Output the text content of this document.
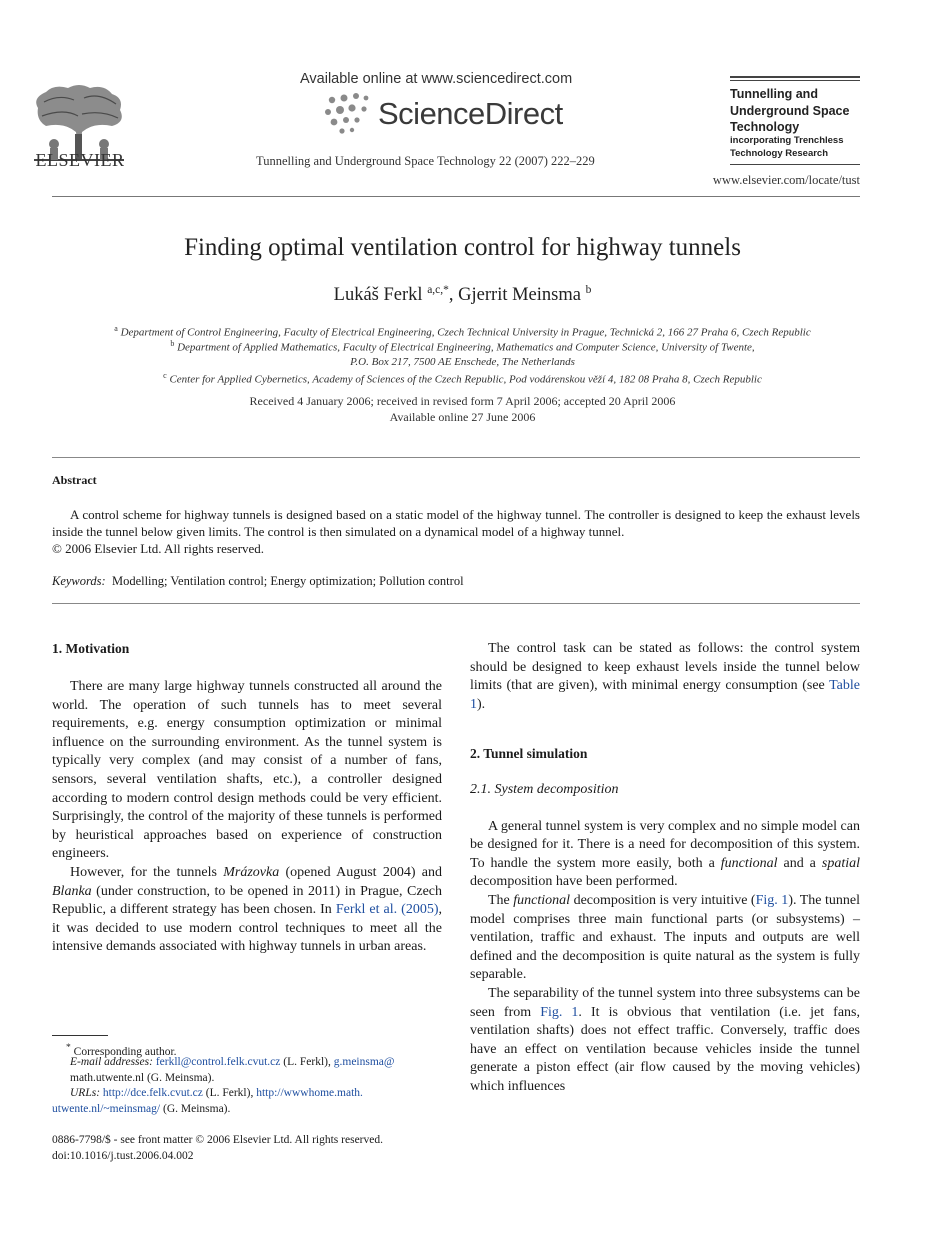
ELSEVIER
Available online at www.sciencedirect.com
ScienceDirect
Tunnelling and Underground Space Technology 22 (2007) 222–229
Tunnelling and Underground Space Technology
incorporating Trenchless Technology Research
www.elsevier.com/locate/tust
Finding optimal ventilation control for highway tunnels
Lukáš Ferkl $^{a,c,*}$, Gjerrit Meinsma $^b$
$^a$ Department of Control Engineering, Faculty of Electrical Engineering, Czech Technical University in Prague, Technická 2, 166 27 Praha 6, Czech Republic
$^b$ Department of Applied Mathematics, Faculty of Electrical Engineering, Mathematics and Computer Science, University of Twente,
P.O. Box 217, 7500 AE Enschede, The Netherlands
$^c$ Center for Applied Cybernetics, Academy of Sciences of the Czech Republic, Pod vodárenskou věží 4, 182 08 Praha 8, Czech Republic
Received 4 January 2006; received in revised form 7 April 2006; accepted 20 April 2006
Available online 27 June 2006
Abstract
A control scheme for highway tunnels is designed based on a static model of the highway tunnel. The controller is designed to keep the exhaust levels inside the tunnel below given limits. The control is then simulated on a dynamical model of a highway tunnel.
© 2006 Elsevier Ltd. All rights reserved.
Keywords: Modelling; Ventilation control; Energy optimization; Pollution control
1. Motivation

There are many large highway tunnels constructed all around the world. The operation of such tunnels has to meet several requirements, e.g. energy consumption optimization or minimal influence on the surrounding environment. As the tunnel system is typically very complex (and may consist of a number of fans, sensors, several ventilation shafts, etc.), a controller designed according to modern control design methods could be very efficient. Surprisingly, the control of the majority of these tunnels is performed by heuristical approaches based on experience of construction engineers.

However, for the tunnels Mrázovka (opened August 2004) and Blanka (under construction, to be opened in 2011) in Prague, Czech Republic, a different strategy has been chosen. In Ferkl et al. (2005), it was decided to use modern control techniques to meet all the intensive demands associated with highway tunnels in urban areas.

The control task can be stated as follows: the control system should be designed to keep exhaust levels inside the tunnel below limits (that are given), with minimal energy consumption (see Table 1).

2. Tunnel simulation
2.1. System decomposition

A general tunnel system is very complex and no simple model can be designed for it. There is a need for decomposition of this system. To handle the system more easily, both a functional and a spatial decomposition have been performed.

The functional decomposition is very intuitive (Fig. 1). The tunnel model comprises three main functional parts (or subsystems) – ventilation, traffic and exhaust. The inputs and outputs are well defined and the decomposition is quite natural as the system is fully separable.

The separability of the tunnel system into three subsystems can be seen from Fig. 1. It is obvious that ventilation (i.e. jet fans, ventilation shafts) does not effect traffic. Conversely, traffic does have an effect on ventilation because vehicles inside the tunnel generate a piston effect (air flow caused by the moving vehicles) which influences

* Corresponding author.
E-mail addresses: ferkll@control.felk.cvut.cz (L. Ferkl), g.meinsma@
math.utwente.nl (G. Meinsma).
URLs: http://dce.felk.cvut.cz (L. Ferkl), http://wwwhome.math.
utwente.nl/~meinsmag/ (G. Meinsma).
0886-7798/$ - see front matter © 2006 Elsevier Ltd. All rights reserved.
doi:10.1016/j.tust.2006.04.002
